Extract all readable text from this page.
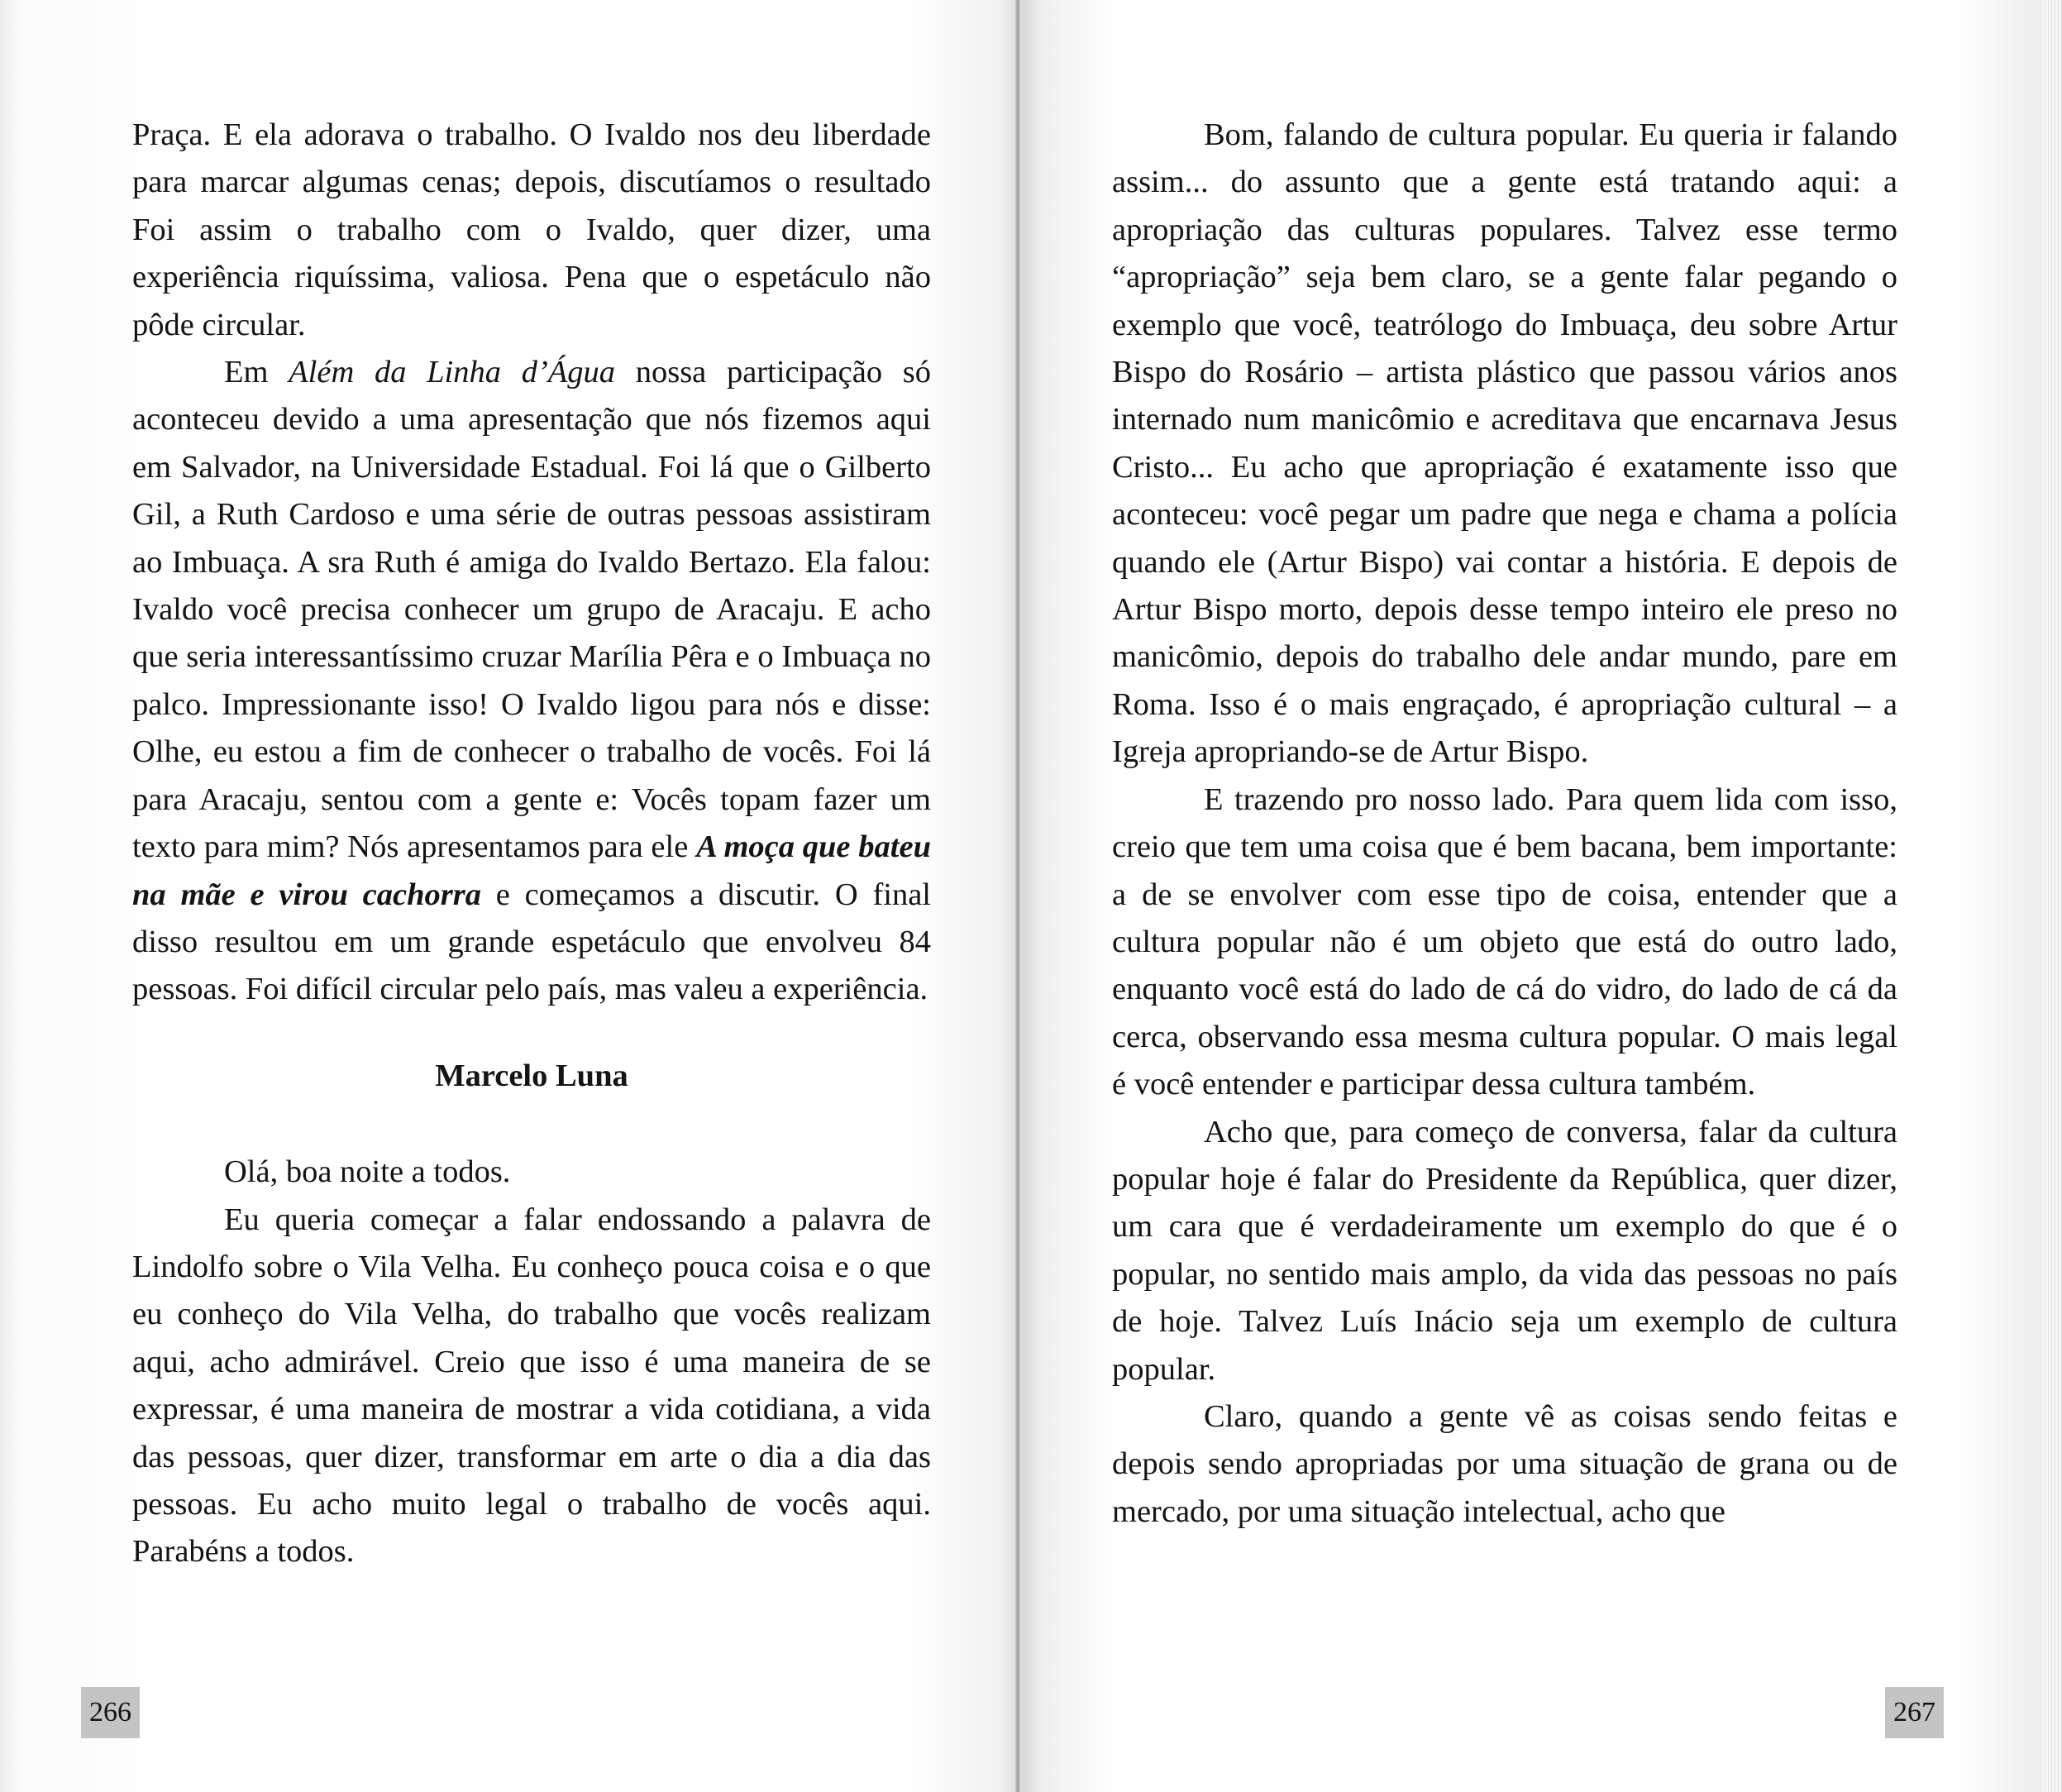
Praça. E ela adorava o trabalho. O Ivaldo nos deu liberdade para marcar algumas cenas; depois, discutíamos o resultado Foi assim o trabalho com o Ivaldo, quer dizer, uma experiência riquíssima, valiosa. Pena que o espetáculo não pôde circular.

Em Além da Linha d’Água nossa participação só aconteceu devido a uma apresentação que nós fizemos aqui em Salvador, na Universidade Estadual. Foi lá que o Gilberto Gil, a Ruth Cardoso e uma série de outras pessoas assistiram ao Imbuaça. A sra Ruth é amiga do Ivaldo Bertazo. Ela falou: Ivaldo você precisa conhecer um grupo de Aracaju. E acho que seria interessantíssimo cruzar Marília Pêra e o Imbuaça no palco. Impressionante isso! O Ivaldo ligou para nós e disse: Olhe, eu estou a fim de conhecer o trabalho de vocês. Foi lá para Aracaju, sentou com a gente e: Vocês topam fazer um texto para mim? Nós apresentamos para ele A moça que bateu na mãe e virou cachorra e começamos a discutir. O final disso resultou em um grande espetáculo que envolveu 84 pessoas. Foi difícil circular pelo país, mas valeu a experiência.

Marcelo Luna

Olá, boa noite a todos.

Eu queria começar a falar endossando a palavra de Lindolfo sobre o Vila Velha. Eu conheço pouca coisa e o que eu conheço do Vila Velha, do trabalho que vocês realizam aqui, acho admirável. Creio que isso é uma maneira de se expressar, é uma maneira de mostrar a vida cotidiana, a vida das pessoas, quer dizer, transformar em arte o dia a dia das pessoas. Eu acho muito legal o trabalho de vocês aqui. Parabéns a todos.

266

Bom, falando de cultura popular. Eu queria ir falando assim... do assunto que a gente está tratando aqui: a apropriação das culturas populares. Talvez esse termo “apropriação” seja bem claro, se a gente falar pegando o exemplo que você, teatrólogo do Imbuaça, deu sobre Artur Bispo do Rosário – artista plástico que passou vários anos internado num manicômio e acreditava que encarnava Jesus Cristo... Eu acho que apropriação é exatamente isso que aconteceu: você pegar um padre que nega e chama a polícia quando ele (Artur Bispo) vai contar a história. E depois de Artur Bispo morto, depois desse tempo inteiro ele preso no manicômio, depois do trabalho dele andar mundo, pare em Roma. Isso é o mais engraçado, é apropriação cultural – a Igreja apropriando-se de Artur Bispo.

E trazendo pro nosso lado. Para quem lida com isso, creio que tem uma coisa que é bem bacana, bem importante: a de se envolver com esse tipo de coisa, entender que a cultura popular não é um objeto que está do outro lado, enquanto você está do lado de cá do vidro, do lado de cá da cerca, observando essa mesma cultura popular. O mais legal é você entender e participar dessa cultura também.

Acho que, para começo de conversa, falar da cultura popular hoje é falar do Presidente da República, quer dizer, um cara que é verdadeiramente um exemplo do que é o popular, no sentido mais amplo, da vida das pessoas no país de hoje. Talvez Luís Inácio seja um exemplo de cultura popular.

Claro, quando a gente vê as coisas sendo feitas e depois sendo apropriadas por uma situação de grana ou de mercado, por uma situação intelectual, acho que

267
